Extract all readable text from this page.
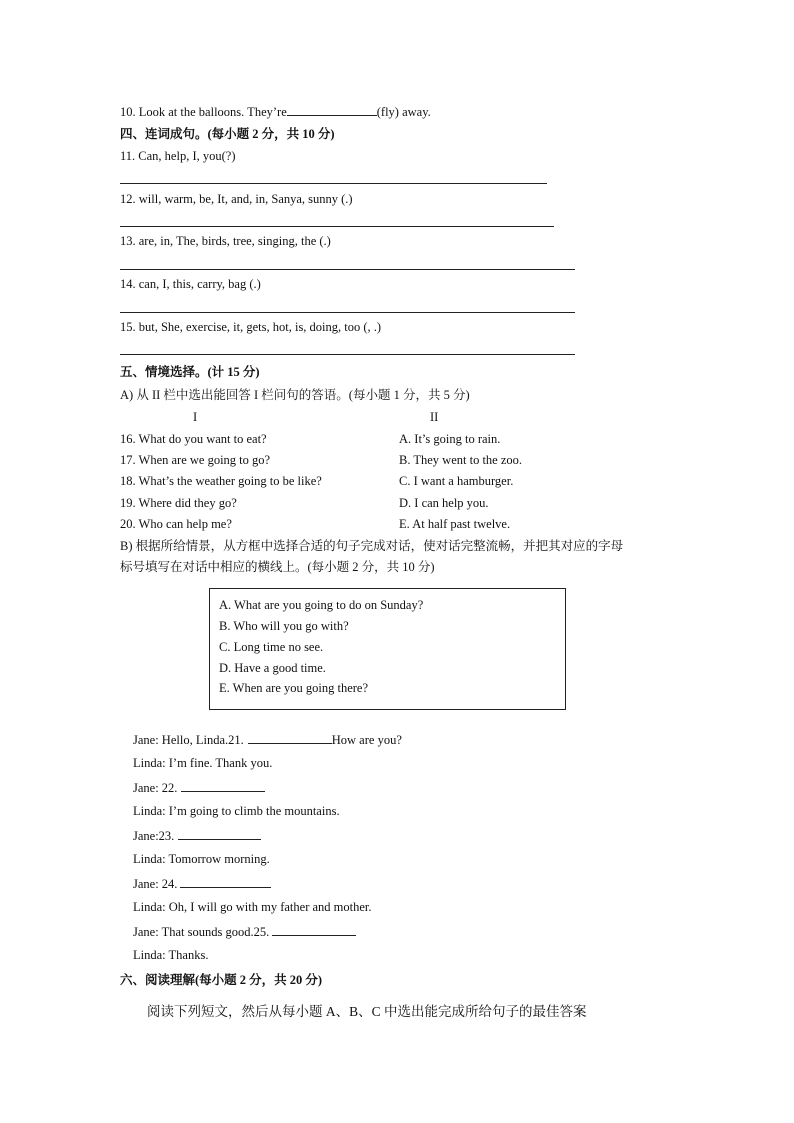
10. Look at the balloons. They’re	(fly) away.
四、连词成句。(每小题 2 分，共 10 分)
11. Can, help, I, you(?)
12. will, warm, be, It, and, in, Sanya, sunny (.)
13. are, in, The, birds, tree, singing, the (.)
14. can, I, this, carry, bag (.)
15. but, She, exercise, it, gets, hot, is, doing, too (, .)
五、情境选择。(计 15 分)
A) 从 II 栏中选出能回答 I 栏问句的答语。(每小题 1 分，共 5 分)
I	II
16. What do you want to eat?	A. It’s going to rain.
17. When are we going to go?	B. They went to the zoo.
18. What’s the weather going to be like?	C. I want a hamburger.
19. Where did they go?	D. I can help you.
20. Who can help me?	E. At half past twelve.
B) 根据所给情景，从方框中选择合适的句子完成对话，使对话完整流畅，并把其对应的字母
标号填写在对话中相应的横线上。(每小题 2 分，共 10 分)
A. What are you going to do on Sunday?
B. Who will you go with?
C. Long time no see.
D. Have a good time.
E. When are you going there?
Jane: Hello, Linda.21.	How are you?
Linda: I’m fine. Thank you.
Jane: 22.
Linda: I’m going to climb the mountains.
Jane:23.
Linda: Tomorrow morning.
Jane: 24.
Linda: Oh, I will go with my father and mother.
Jane: That sounds good.25.
Linda: Thanks.
六、阅读理解(每小题 2 分，共 20 分)
阅读下列短文，然后从每小题 A、B、C 中选出能完成所给句子的最佳答案
